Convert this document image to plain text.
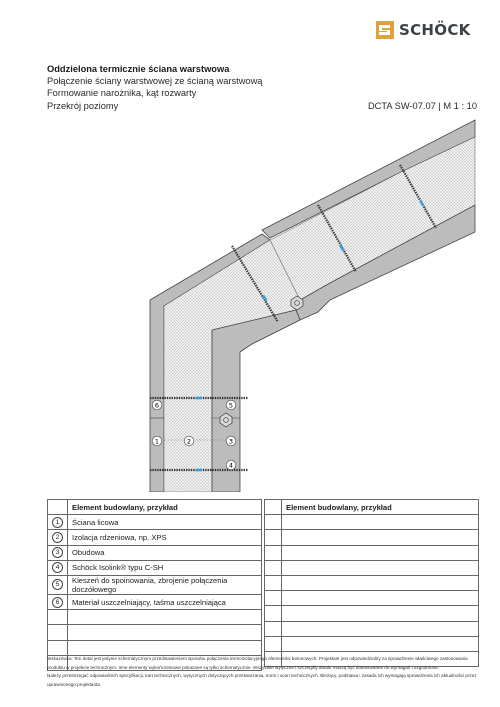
SCHÖCK
Oddzielona termicznie ściana warstwowa
Połączenie ściany warstwowej ze ścianą warstwową
Formowanie narożnika, kąt rozwarty
Przekrój poziomy	DCTA SW-07.07 | M 1 : 10
6	5
1	2	3
4
	Element budowlany, przykład
1	Ściana licowa
2	Izolacja rdzeniowa, np. XPS
3	Obudowa
4	Schöck Isolink® typu C-SH
5	Kieszeń do spoinowania, zbrojenie połączenia doczółowego
6	Materiał uszczelniający, taśma uszczelniająca

	Element budowlany, przykład

Wskazówka: Ten detal jest jedynie schematycznym przedstawieniem sposobu połączenia termoizolacyjnego elementów betonowych. Projektant jest odpowiedzialny za sprawdzenie właściwego zastosowania produktu w projekcie technicznym. Inne elementy wykończeniowe pokazane są tylko schematycznie. Wszystkie wytyczne i szczegóły detalu muszą być dostosowane do wymagań i uzgodnione.

Należy przestrzegać odpowiednich specyfikacji, kart technicznych, wytycznych dotyczących przetwarzania, norm i ocen technicznych. Bieżący, podstawa i zasada ich wymagają sprawdzenia ich aktualności przez uprawnionego projektanta.
